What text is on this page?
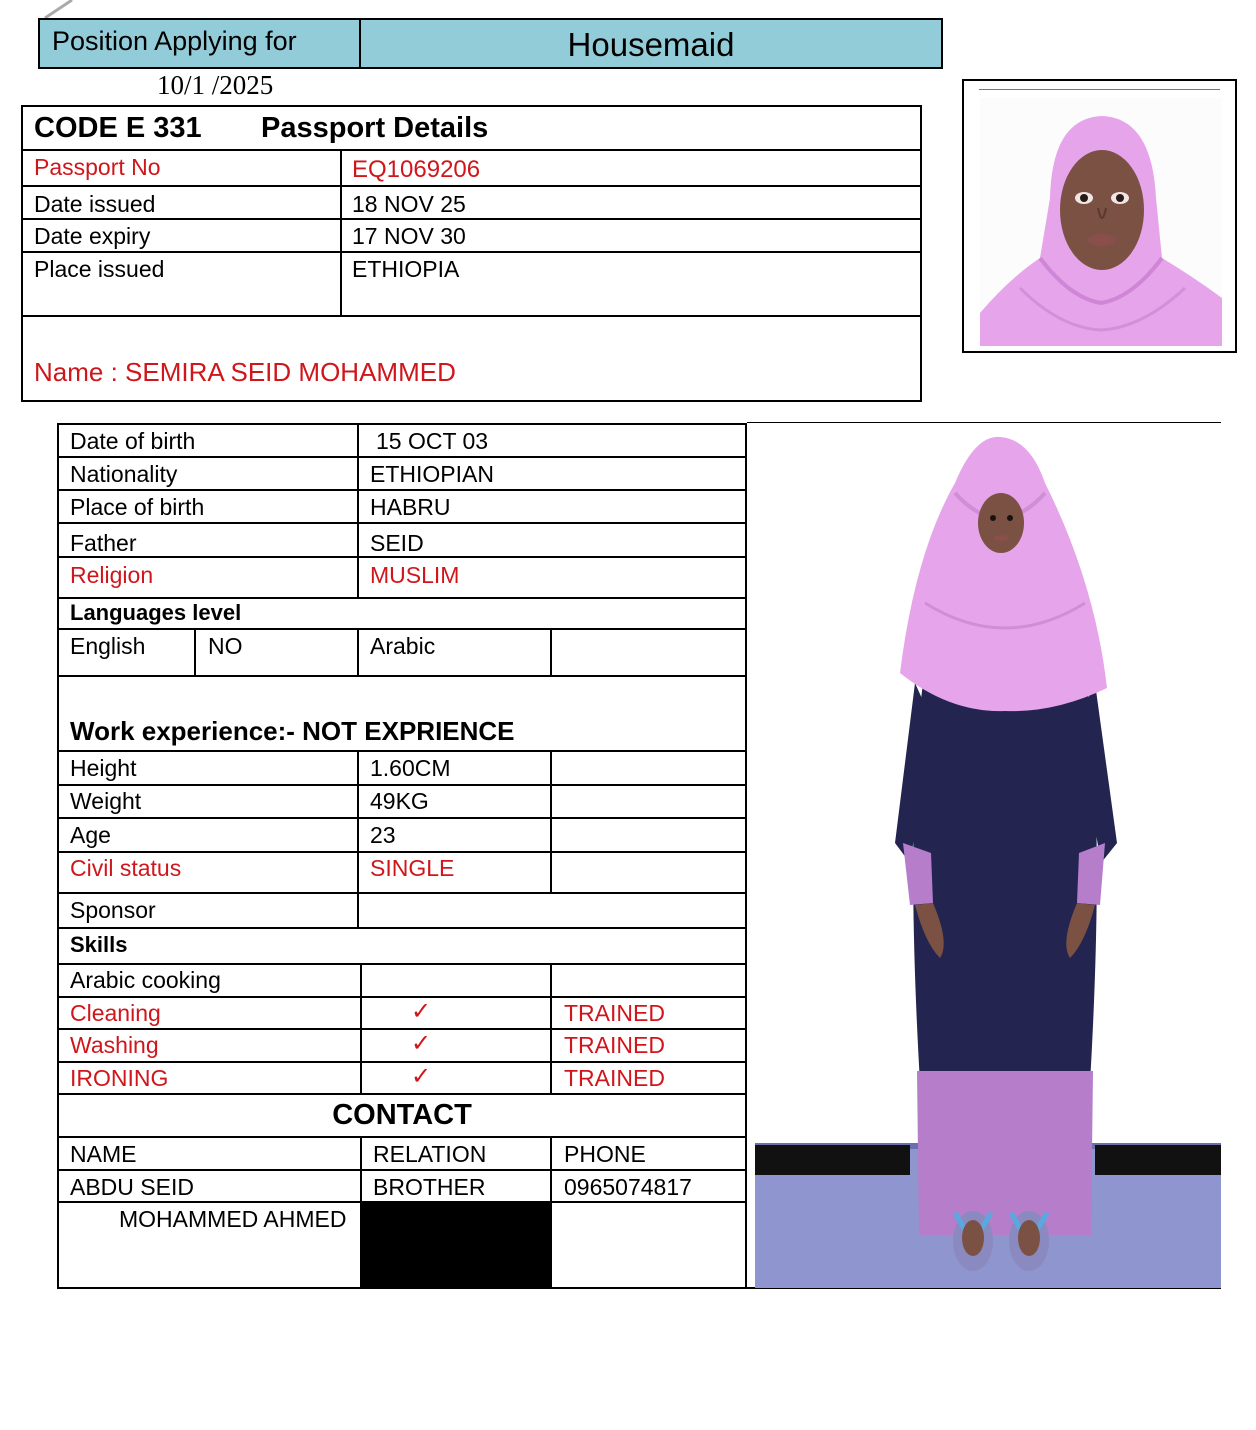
Position Applying for	Housemaid
10/1 /2025
CODE E 331 Passport Details
Passport No	EQ1069206
Date issued	18 NOV 25
Date expiry	17 NOV 30
Place issued	ETHIOPIA
Name : SEMIRA SEID MOHAMMED
Date of birth	15 OCT 03
Nationality	ETHIOPIAN
Place of birth	HABRU
Father	SEID
Religion	MUSLIM
Languages level
English	NO	Arabic
Work experience:- NOT EXPRIENCE
Height	1.60CM
Weight	49KG
Age	23
Civil status	SINGLE
Sponsor
Skills
Arabic cooking
Cleaning	✓	TRAINED
Washing	✓	TRAINED
IRONING	✓	TRAINED
CONTACT
NAME	RELATION	PHONE
ABDU SEID	BROTHER	0965074817
MOHAMMED AHMED
